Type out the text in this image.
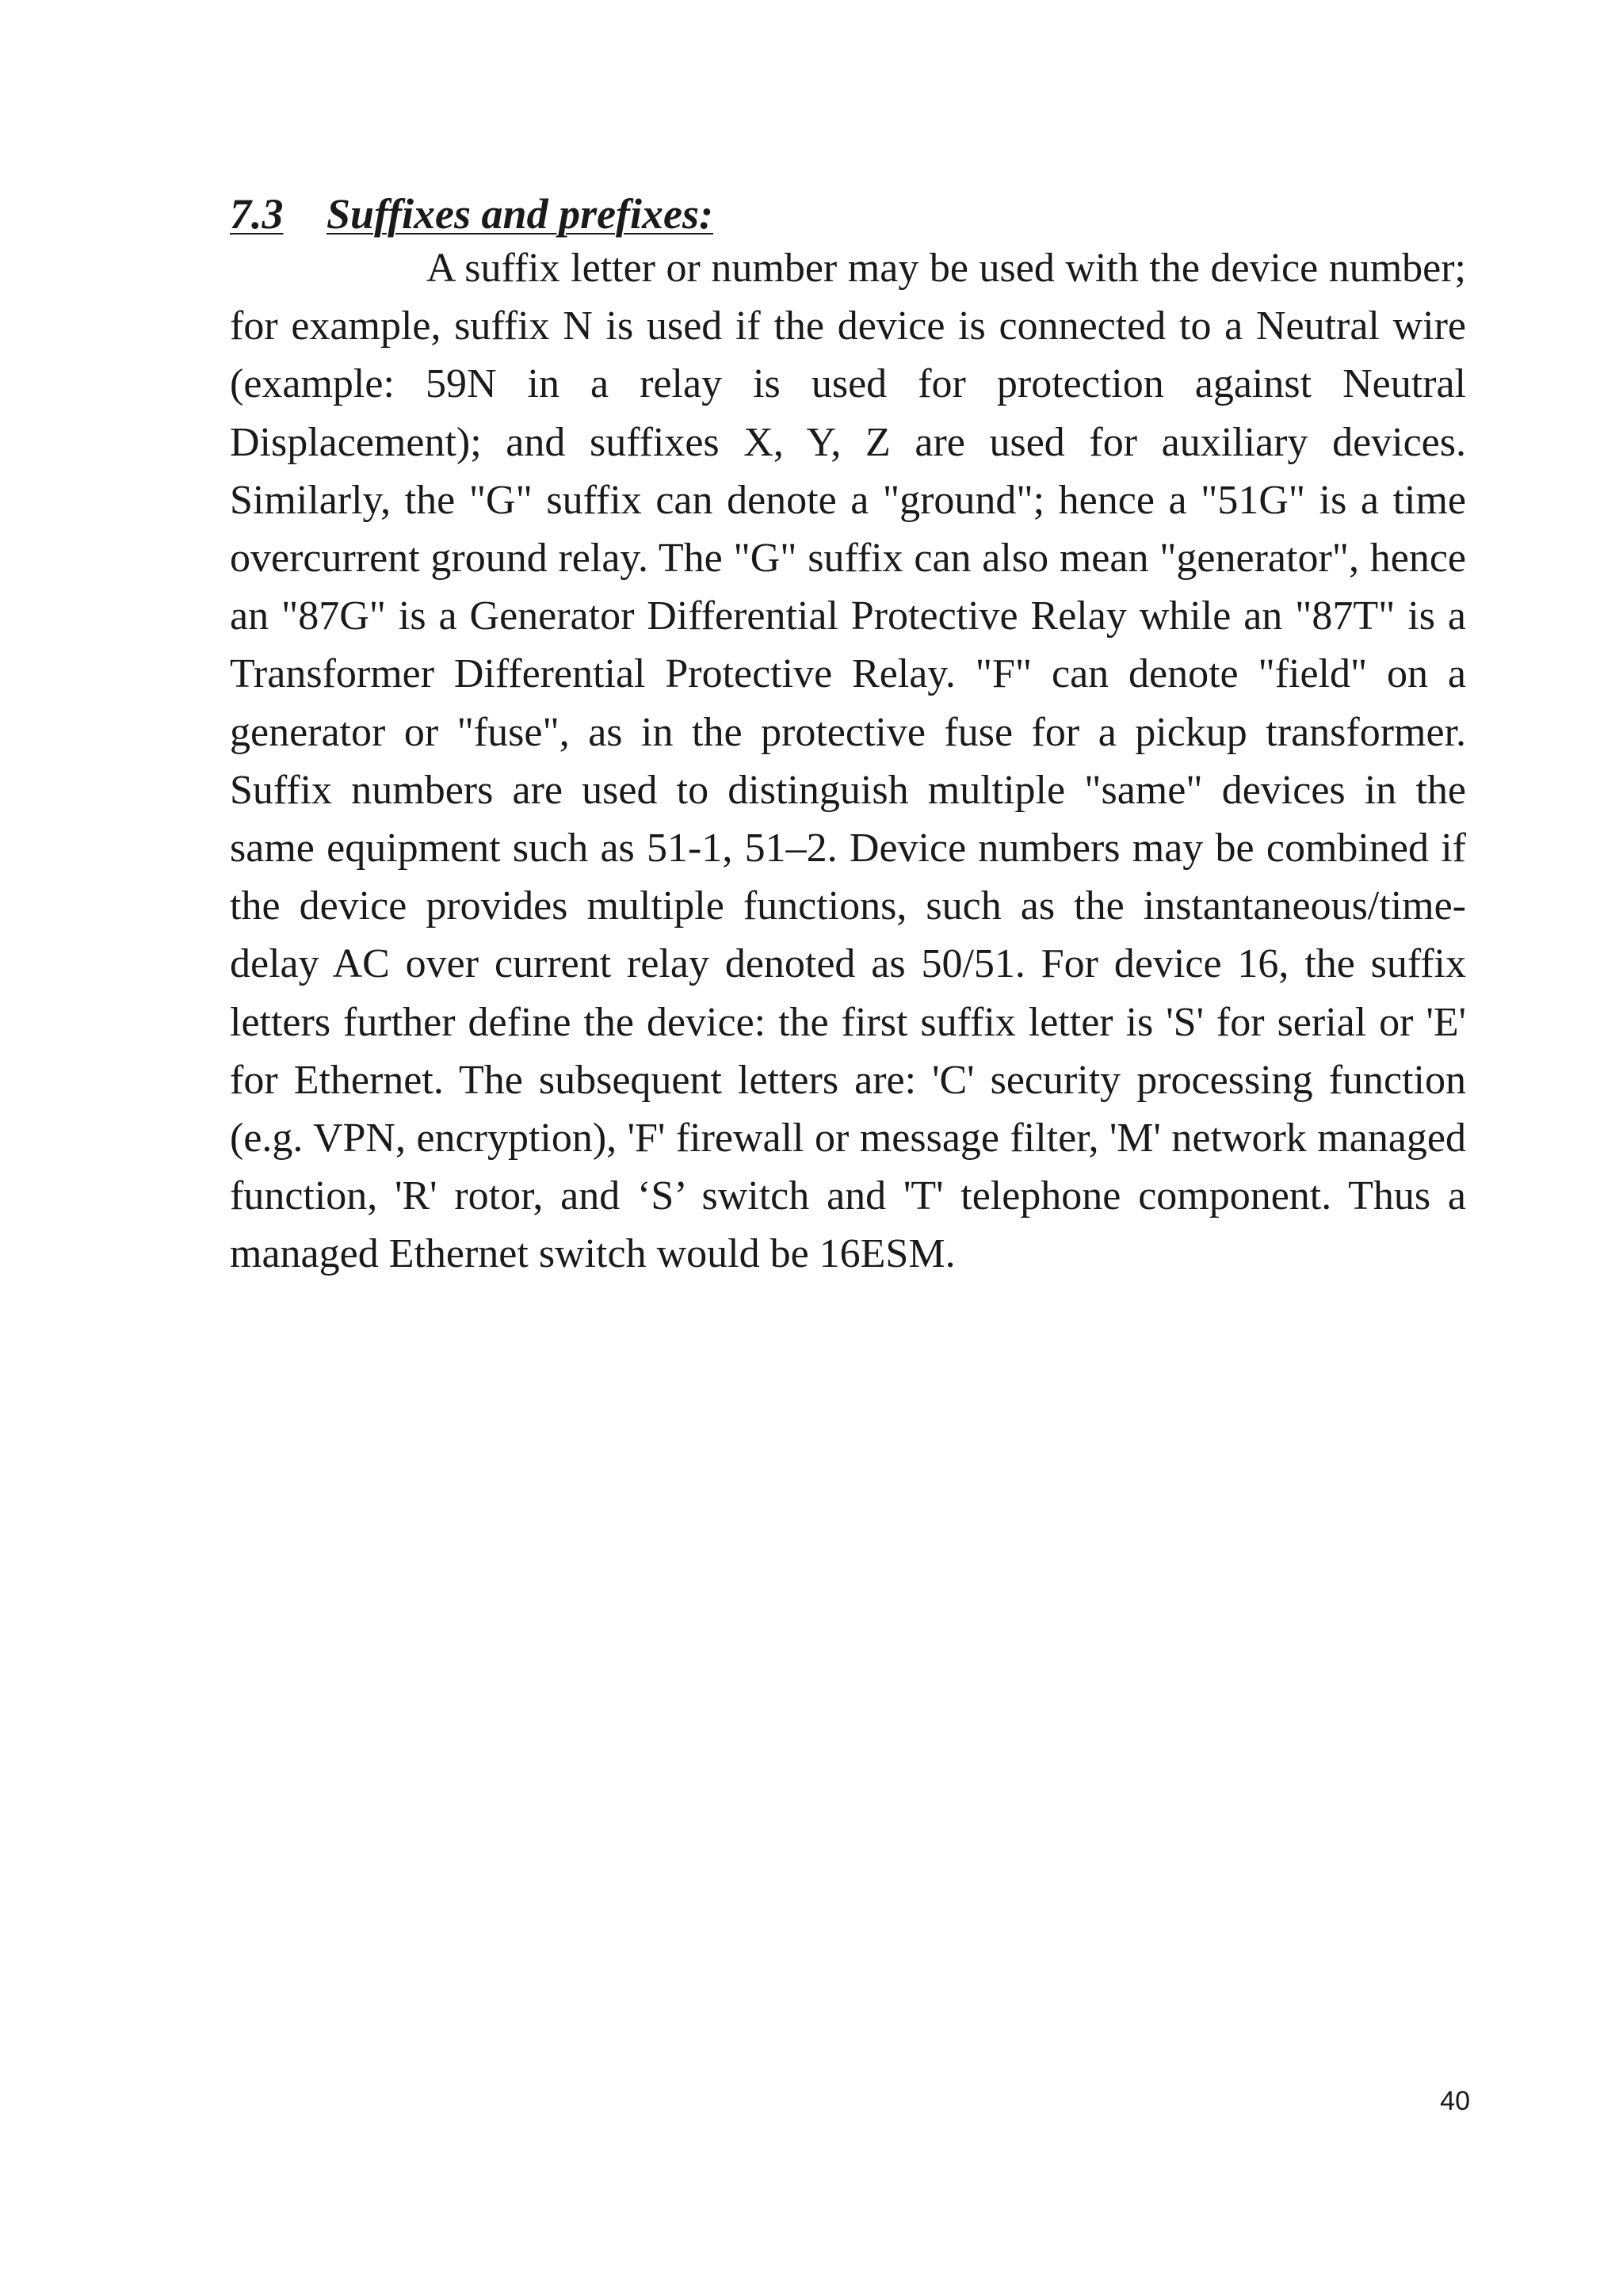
7.3 Suffixes and prefixes:

A suffix letter or number may be used with the device number; for example, suffix N is used if the device is connected to a Neutral wire (example: 59N in a relay is used for protection against Neutral Displacement); and suffixes X, Y, Z are used for auxiliary devices. Similarly, the "G" suffix can denote a "ground"; hence a "51G" is a time overcurrent ground relay. The "G" suffix can also mean "generator", hence an "87G" is a Generator Differential Protective Relay while an "87T" is a Transformer Differential Protective Relay. "F" can denote "field" on a generator or "fuse", as in the protective fuse for a pickup transformer. Suffix numbers are used to distinguish multiple "same" devices in the same equipment such as 51-1, 51–2. Device numbers may be combined if the device provides multiple functions, such as the instantaneous/time-delay AC over current relay denoted as 50/51. For device 16, the suffix letters further define the device: the first suffix letter is 'S' for serial or 'E' for Ethernet. The subsequent letters are: 'C' security processing function (e.g. VPN, encryption), 'F' firewall or message filter, 'M' network managed function, 'R' rotor, and ‘S’ switch and 'T' telephone component. Thus a managed Ethernet switch would be 16ESM.

40
